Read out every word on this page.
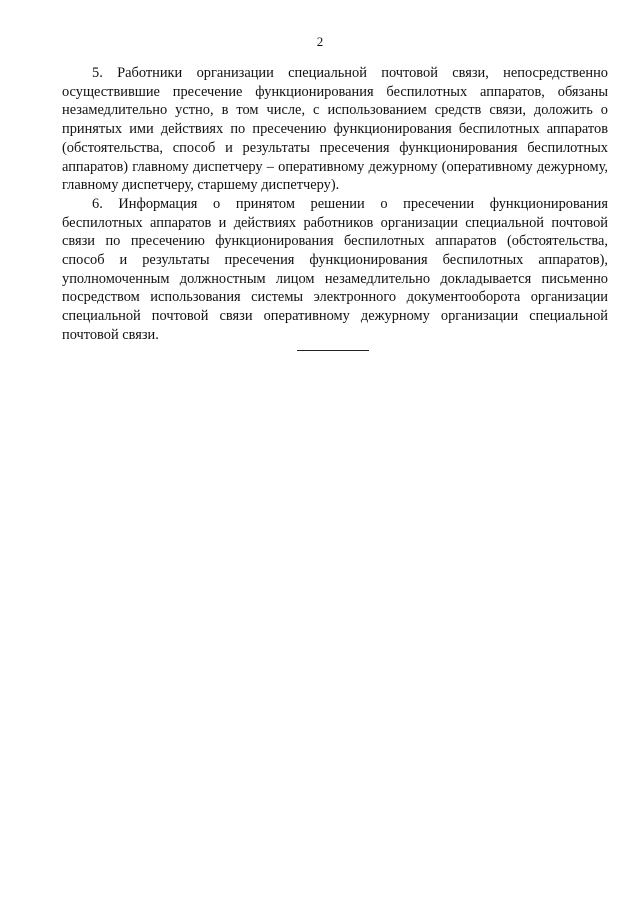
2

5. Работники организации специальной почтовой связи, непосредственно осуществившие пресечение функционирования беспилотных аппаратов, обязаны незамедлительно устно, в том числе, с использованием средств связи, доложить о принятых ими действиях по пресечению функционирования беспилотных аппаратов (обстоятельства, способ и результаты пресечения функционирования беспилотных аппаратов) главному диспетчеру – оперативному дежурному (оперативному дежурному, главному диспетчеру, старшему диспетчеру).

6. Информация о принятом решении о пресечении функционирования беспилотных аппаратов и действиях работников организации специальной почтовой связи по пресечению функционирования беспилотных аппаратов (обстоятельства, способ и результаты пресечения функционирования беспилотных аппаратов), уполномоченным должностным лицом незамедлительно докладывается письменно посредством использования системы электронного документооборота организации специальной почтовой связи оперативному дежурному организации специальной почтовой связи.
